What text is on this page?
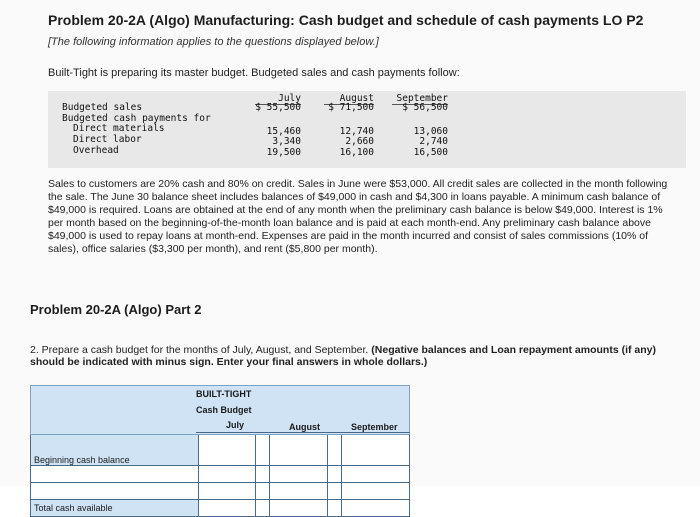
Problem 20-2A (Algo) Manufacturing: Cash budget and schedule of cash payments LO P2
[The following information applies to the questions displayed below.]
Built-Tight is preparing its master budget. Budgeted sales and cash payments follow:
July	August	September
Budgeted sales	$ 55,500	$ 71,500	$ 56,500
Budgeted cash payments for
Direct materials	15,460	12,740	13,060
Direct labor	3,340	2,660	2,740
Overhead	19,500	16,100	16,500
Sales to customers are 20% cash and 80% on credit. Sales in June were $53,000. All credit sales are collected in the month following the sale. The June 30 balance sheet includes balances of $49,000 in cash and $4,300 in loans payable. A minimum cash balance of $49,000 is required. Loans are obtained at the end of any month when the preliminary cash balance is below $49,000. Interest is 1% per month based on the beginning-of-the-month loan balance and is paid at each month-end. Any preliminary cash balance above $49,000 is used to repay loans at month-end. Expenses are paid in the month incurred and consist of sales commissions (10% of sales), office salaries ($3,300 per month), and rent ($5,800 per month).
Problem 20-2A (Algo) Part 2
2. Prepare a cash budget for the months of July, August, and September. (Negative balances and Loan repayment amounts (if any) should be indicated with minus sign. Enter your final answers in whole dollars.)
BUILT-TIGHT
Cash Budget
July August September					

Beginning cash balance	

Total cash available					
